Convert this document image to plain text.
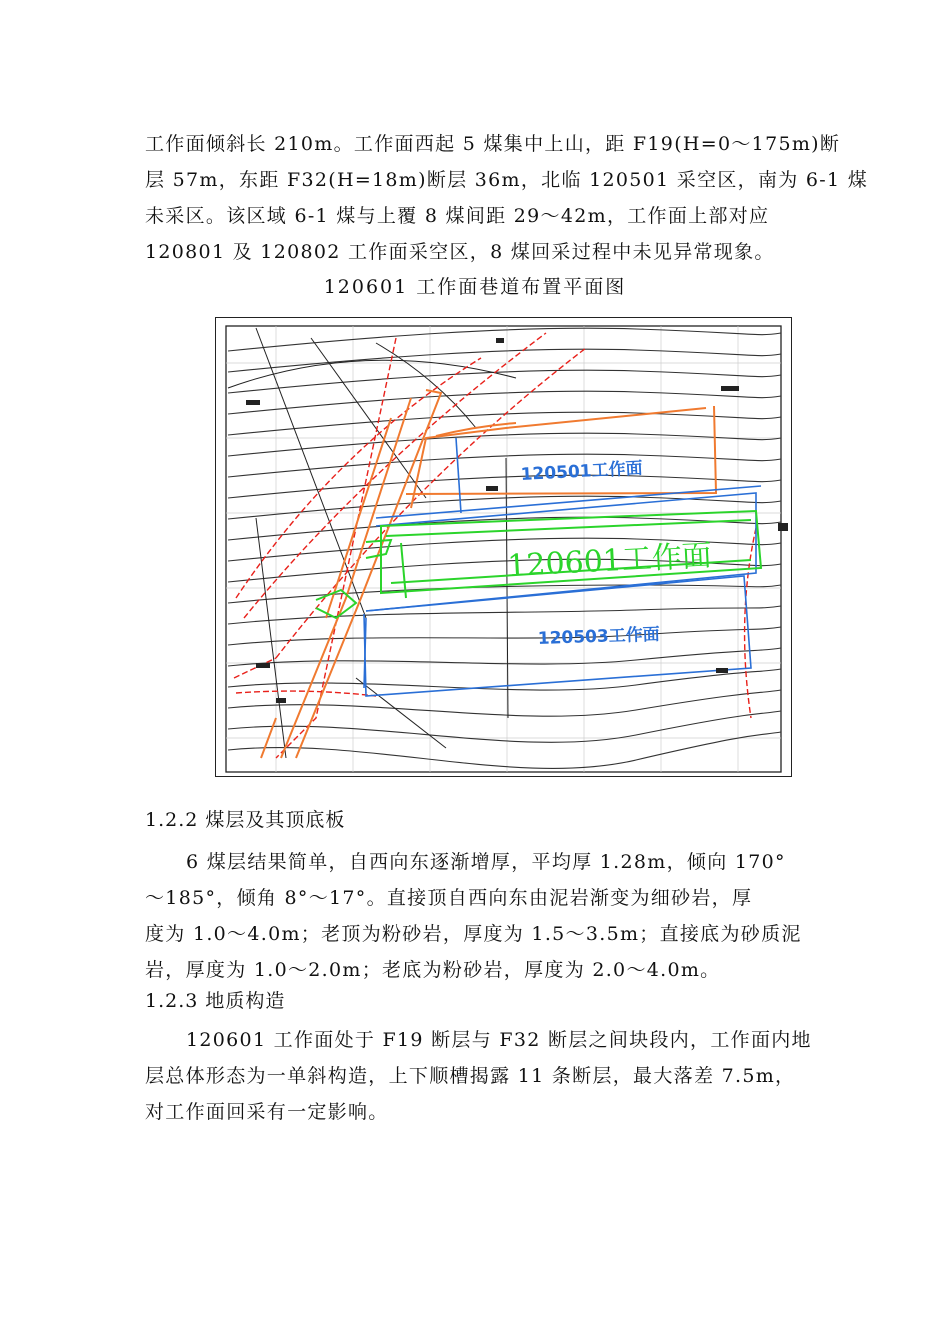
工作面倾斜长 210m。工作面西起 5 煤集中上山，距 F19(H=0～175m)断
层 57m，东距 F32(H=18m)断层 36m，北临 120501 采空区，南为 6-1 煤
未采区。该区域 6-1 煤与上覆 8 煤间距 29～42m，工作面上部对应
120801 及 120802 工作面采空区，8 煤回采过程中未见异常现象。
120601 工作面巷道布置平面图
120501工作面
120601工作面
120503工作面
1.2.2 煤层及其顶底板
6 煤层结果简单，自西向东逐渐增厚，平均厚 1.28m，倾向 170°
～185°，倾角 8°～17°。直接顶自西向东由泥岩渐变为细砂岩，厚
度为 1.0～4.0m；老顶为粉砂岩，厚度为 1.5～3.5m；直接底为砂质泥
岩，厚度为 1.0～2.0m；老底为粉砂岩，厚度为 2.0～4.0m。
1.2.3 地质构造
120601 工作面处于 F19 断层与 F32 断层之间块段内，工作面内地
层总体形态为一单斜构造，上下顺槽揭露 11 条断层，最大落差 7.5m，
对工作面回采有一定影响。
